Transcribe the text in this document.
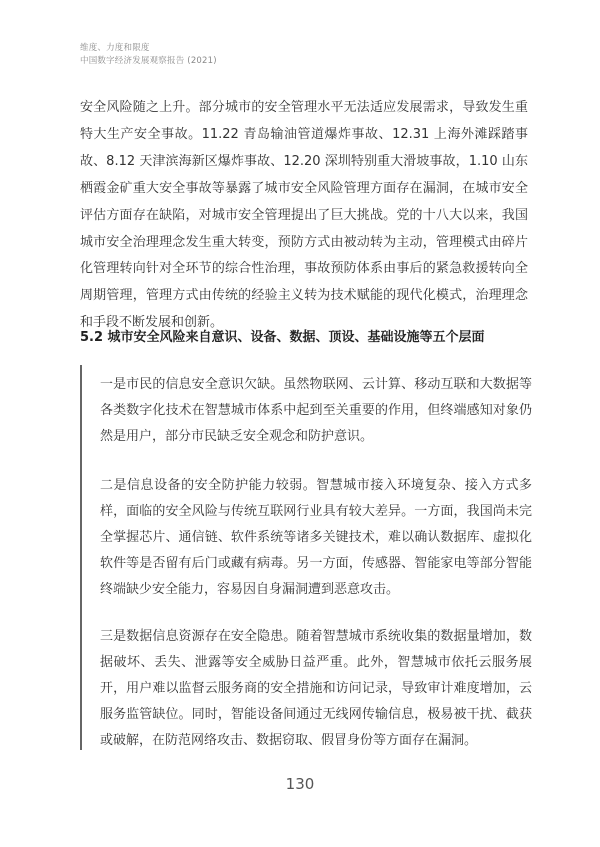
维度、力度和限度
中国数字经济发展观察报告 (2021)

安全风险随之上升。部分城市的安全管理水平无法适应发展需求，导致发生重特大生产安全事故。11.22 青岛输油管道爆炸事故、12.31 上海外滩踩踏事故、8.12 天津滨海新区爆炸事故、12.20 深圳特别重大滑坡事故，1.10 山东栖霞金矿重大安全事故等暴露了城市安全风险管理方面存在漏洞，在城市安全评估方面存在缺陷，对城市安全管理提出了巨大挑战。党的十八大以来，我国城市安全治理理念发生重大转变，预防方式由被动转为主动，管理模式由碎片化管理转向针对全环节的综合性治理，事故预防体系由事后的紧急救援转向全周期管理，管理方式由传统的经验主义转为技术赋能的现代化模式，治理理念和手段不断发展和创新。

5.2 城市安全风险来自意识、设备、数据、顶设、基础设施等五个层面

一是市民的信息安全意识欠缺。虽然物联网、云计算、移动互联和大数据等各类数字化技术在智慧城市体系中起到至关重要的作用，但终端感知对象仍然是用户，部分市民缺乏安全观念和防护意识。

二是信息设备的安全防护能力较弱。智慧城市接入环境复杂、接入方式多样，面临的安全风险与传统互联网行业具有较大差异。一方面，我国尚未完全掌握芯片、通信链、软件系统等诸多关键技术，难以确认数据库、虚拟化软件等是否留有后门或藏有病毒。另一方面，传感器、智能家电等部分智能终端缺少安全能力，容易因自身漏洞遭到恶意攻击。

三是数据信息资源存在安全隐患。随着智慧城市系统收集的数据量增加，数据破坏、丢失、泄露等安全威胁日益严重。此外，智慧城市依托云服务展开，用户难以监督云服务商的安全措施和访问记录，导致审计难度增加，云服务监管缺位。同时，智能设备间通过无线网传输信息，极易被干扰、截获或破解，在防范网络攻击、数据窃取、假冒身份等方面存在漏洞。

130
